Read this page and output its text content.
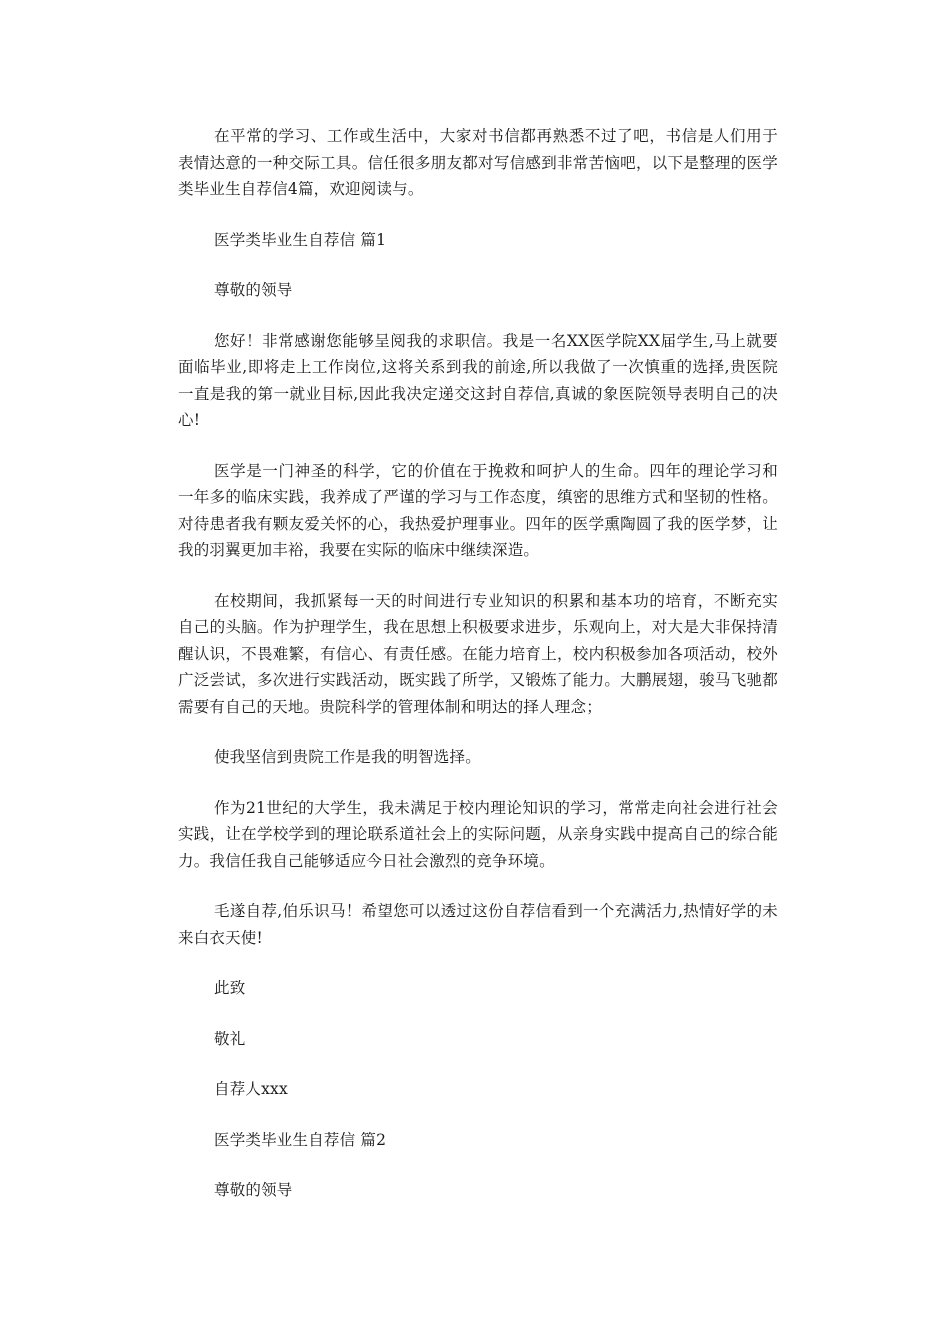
在平常的学习、工作或生活中，大家对书信都再熟悉不过了吧，书信是人们用于表情达意的一种交际工具。信任很多朋友都对写信感到非常苦恼吧，以下是整理的医学类毕业生自荐信4篇，欢迎阅读与。

医学类毕业生自荐信 篇1

尊敬的领导

您好！非常感谢您能够呈阅我的求职信。我是一名XX医学院XX届学生,马上就要面临毕业,即将走上工作岗位,这将关系到我的前途,所以我做了一次慎重的选择,贵医院一直是我的第一就业目标,因此我决定递交这封自荐信,真诚的象医院领导表明自己的决心!

医学是一门神圣的科学，它的价值在于挽救和呵护人的生命。四年的理论学习和一年多的临床实践，我养成了严谨的学习与工作态度，缜密的思维方式和坚韧的性格。对待患者我有颗友爱关怀的心，我热爱护理事业。四年的医学熏陶圆了我的医学梦，让我的羽翼更加丰裕，我要在实际的临床中继续深造。

在校期间，我抓紧每一天的时间进行专业知识的积累和基本功的培育，不断充实自己的头脑。作为护理学生，我在思想上积极要求进步，乐观向上，对大是大非保持清醒认识，不畏难繁，有信心、有责任感。在能力培育上，校内积极参加各项活动，校外广泛尝试，多次进行实践活动，既实践了所学，又锻炼了能力。大鹏展翅，骏马飞驰都需要有自己的天地。贵院科学的管理体制和明达的择人理念；

使我坚信到贵院工作是我的明智选择。

作为21世纪的大学生，我未满足于校内理论知识的学习，常常走向社会进行社会实践，让在学校学到的理论联系道社会上的实际问题，从亲身实践中提高自己的综合能力。我信任我自己能够适应今日社会激烈的竞争环境。

毛遂自荐,伯乐识马！希望您可以透过这份自荐信看到一个充满活力,热情好学的未来白衣天使!

此致

敬礼

自荐人xxx

医学类毕业生自荐信 篇2

尊敬的领导
